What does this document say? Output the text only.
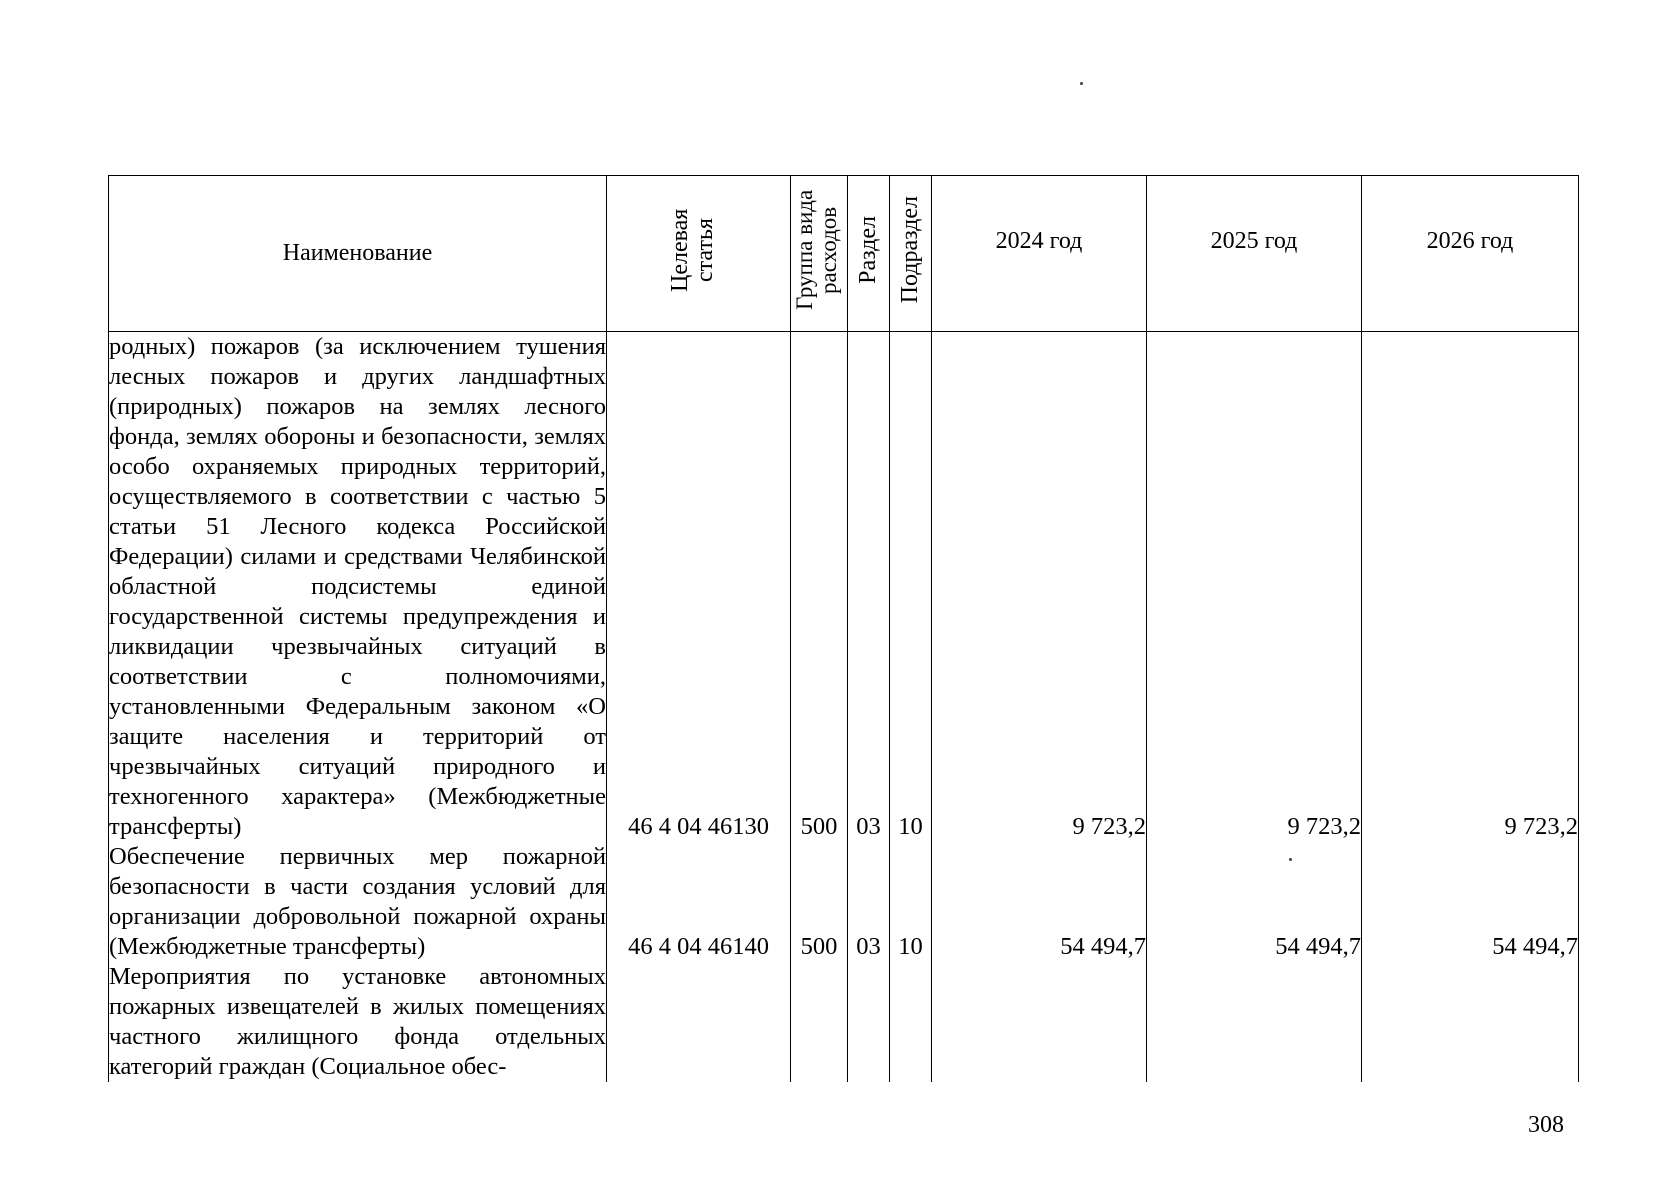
Наименование	Целевая статья	Группа вида расходов	Раздел	Подраздел	2024 год	2025 год	2026 год
родных) пожаров (за исключением тушения лесных пожаров и других ландшафтных (природных) пожаров на землях лесного фонда, землях обороны и безопасности, землях особо охраняемых природных территорий, осуществляемого в соответствии с частью 5 статьи 51 Лесного кодекса Российской Федерации) силами и средствами Челябинской областной подсистемы единой государственной системы предупреждения и ликвидации чрезвычайных ситуаций в соответствии с полномочиями, установленными Федеральным законом «О защите населения и территорий от чрезвычайных ситуаций природного и техногенного характера» (Межбюджетные трансферты)	46 4 04 46130	500	03	10	9 723,2	9 723,2	9 723,2
Обеспечение первичных мер пожарной безопасности в части создания условий для организации добровольной пожарной охраны (Межбюджетные трансферты)	46 4 04 46140	500	03	10	54 494,7	54 494,7	54 494,7
Мероприятия по установке автономных пожарных извещателей в жилых помещениях частного жилищного фонда отдельных категорий граждан (Социальное обес-							
308
